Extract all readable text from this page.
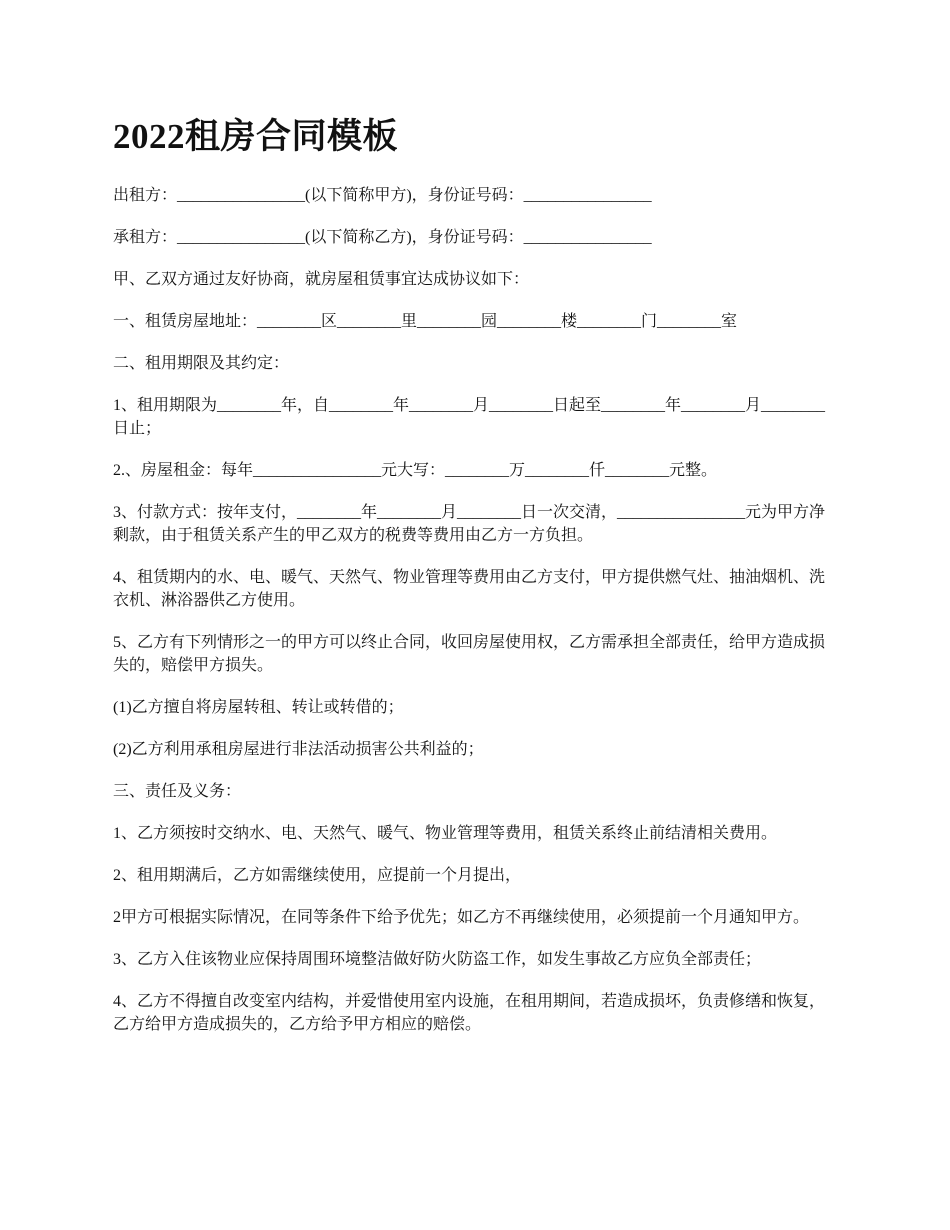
2022租房合同模板

出租方：________________(以下简称甲方)，身份证号码：________________

承租方：________________(以下简称乙方)，身份证号码：________________

甲、乙双方通过友好协商，就房屋租赁事宜达成协议如下：

一、租赁房屋地址：________区________里________园________楼________门________室

二、租用期限及其约定：

1、租用期限为________年，自________年________月________日起至________年________月________日止；

2.、房屋租金：每年________________元大写：________万________仟________元整。

3、付款方式：按年支付，________年________月________日一次交清，________________元为甲方净剩款，由于租赁关系产生的甲乙双方的税费等费用由乙方一方负担。

4、租赁期内的水、电、暖气、天然气、物业管理等费用由乙方支付，甲方提供燃气灶、抽油烟机、洗衣机、淋浴器供乙方使用。

5、乙方有下列情形之一的甲方可以终止合同，收回房屋使用权，乙方需承担全部责任，给甲方造成损失的，赔偿甲方损失。

(1)乙方擅自将房屋转租、转让或转借的；

(2)乙方利用承租房屋进行非法活动损害公共利益的；

三、责任及义务：

1、乙方须按时交纳水、电、天然气、暖气、物业管理等费用，租赁关系终止前结清相关费用。

2、租用期满后，乙方如需继续使用，应提前一个月提出，

2甲方可根据实际情况，在同等条件下给予优先；如乙方不再继续使用，必须提前一个月通知甲方。

3、乙方入住该物业应保持周围环境整洁做好防火防盗工作，如发生事故乙方应负全部责任；

4、乙方不得擅自改变室内结构，并爱惜使用室内设施，在租用期间，若造成损坏，负责修缮和恢复，乙方给甲方造成损失的，乙方给予甲方相应的赔偿。
